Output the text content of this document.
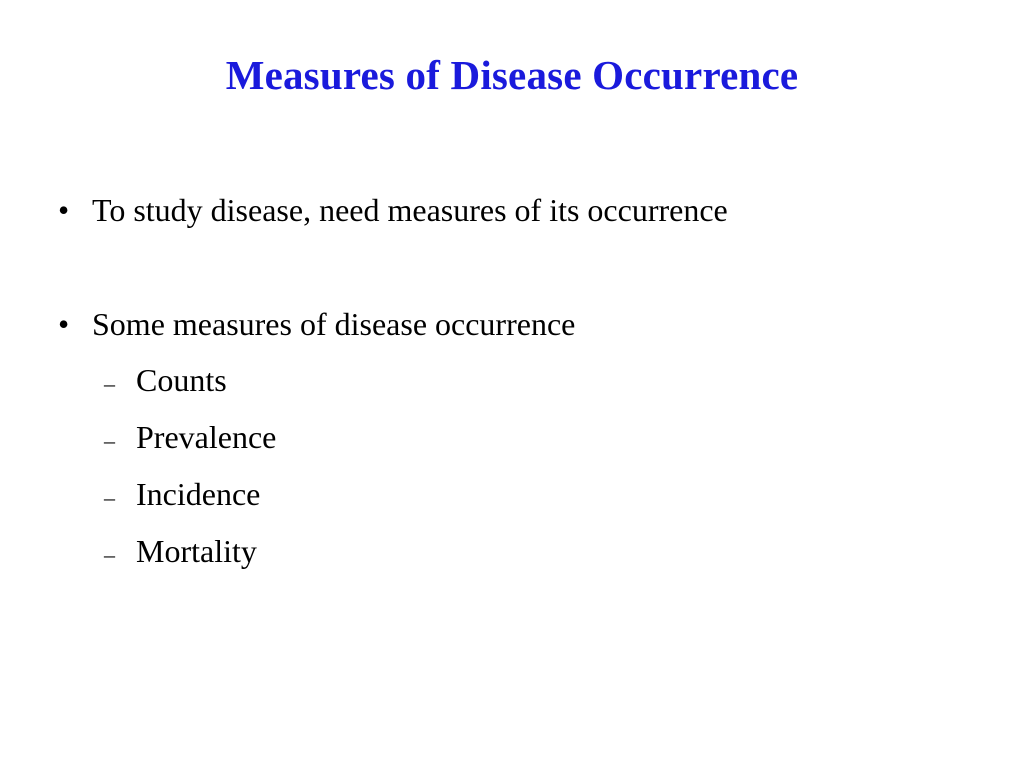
Measures of Disease Occurrence
• To study disease, need measures of its occurrence
• Some measures of disease occurrence
– Counts
– Prevalence
– Incidence
– Mortality
